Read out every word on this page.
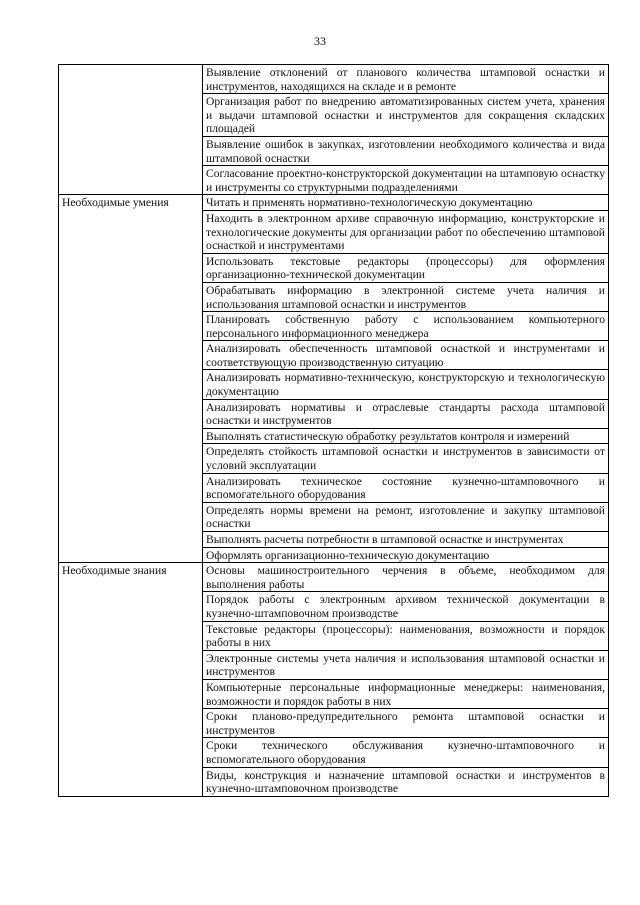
33
	Выявление отклонений от планового количества штамповой оснастки и инструментов, находящихся на складе и в ремонте
	Организация работ по внедрению автоматизированных систем учета, хранения и выдачи штамповой оснастки и инструментов для сокращения складских площадей
	Выявление ошибок в закупках, изготовлении необходимого количества и вида штамповой оснастки
	Согласование проектно-конструкторской документации на штамповую оснастку и инструменты со структурными подразделениями
Необходимые умения	Читать и применять нормативно-технологическую документацию
	Находить в электронном архиве справочную информацию, конструкторские и технологические документы для организации работ по обеспечению штамповой оснасткой и инструментами
	Использовать текстовые редакторы (процессоры) для оформления организационно-технической документации
	Обрабатывать информацию в электронной системе учета наличия и использования штамповой оснастки и инструментов
	Планировать собственную работу с использованием компьютерного персонального информационного менеджера
	Анализировать обеспеченность штамповой оснасткой и инструментами и соответствующую производственную ситуацию
	Анализировать нормативно-техническую, конструкторскую и технологическую документацию
	Анализировать нормативы и отраслевые стандарты расхода штамповой оснастки и инструментов
	Выполнять статистическую обработку результатов контроля и измерений
	Определять стойкость штамповой оснастки и инструментов в зависимости от условий эксплуатации
	Анализировать техническое состояние кузнечно-штамповочного и вспомогательного оборудования
	Определять нормы времени на ремонт, изготовление и закупку штамповой оснастки
	Выполнять расчеты потребности в штамповой оснастке и инструментах
	Оформлять организационно-техническую документацию
Необходимые знания	Основы машиностроительного черчения в объеме, необходимом для выполнения работы
	Порядок работы с электронным архивом технической документации в кузнечно-штамповочном производстве
	Текстовые редакторы (процессоры): наименования, возможности и порядок работы в них
	Электронные системы учета наличия и использования штамповой оснастки и инструментов
	Компьютерные персональные информационные менеджеры: наименования, возможности и порядок работы в них
	Сроки планово-предупредительного ремонта штамповой оснастки и инструментов
	Сроки технического обслуживания кузнечно-штамповочного и вспомогательного оборудования
	Виды, конструкция и назначение штамповой оснастки и инструментов в кузнечно-штамповочном производстве
